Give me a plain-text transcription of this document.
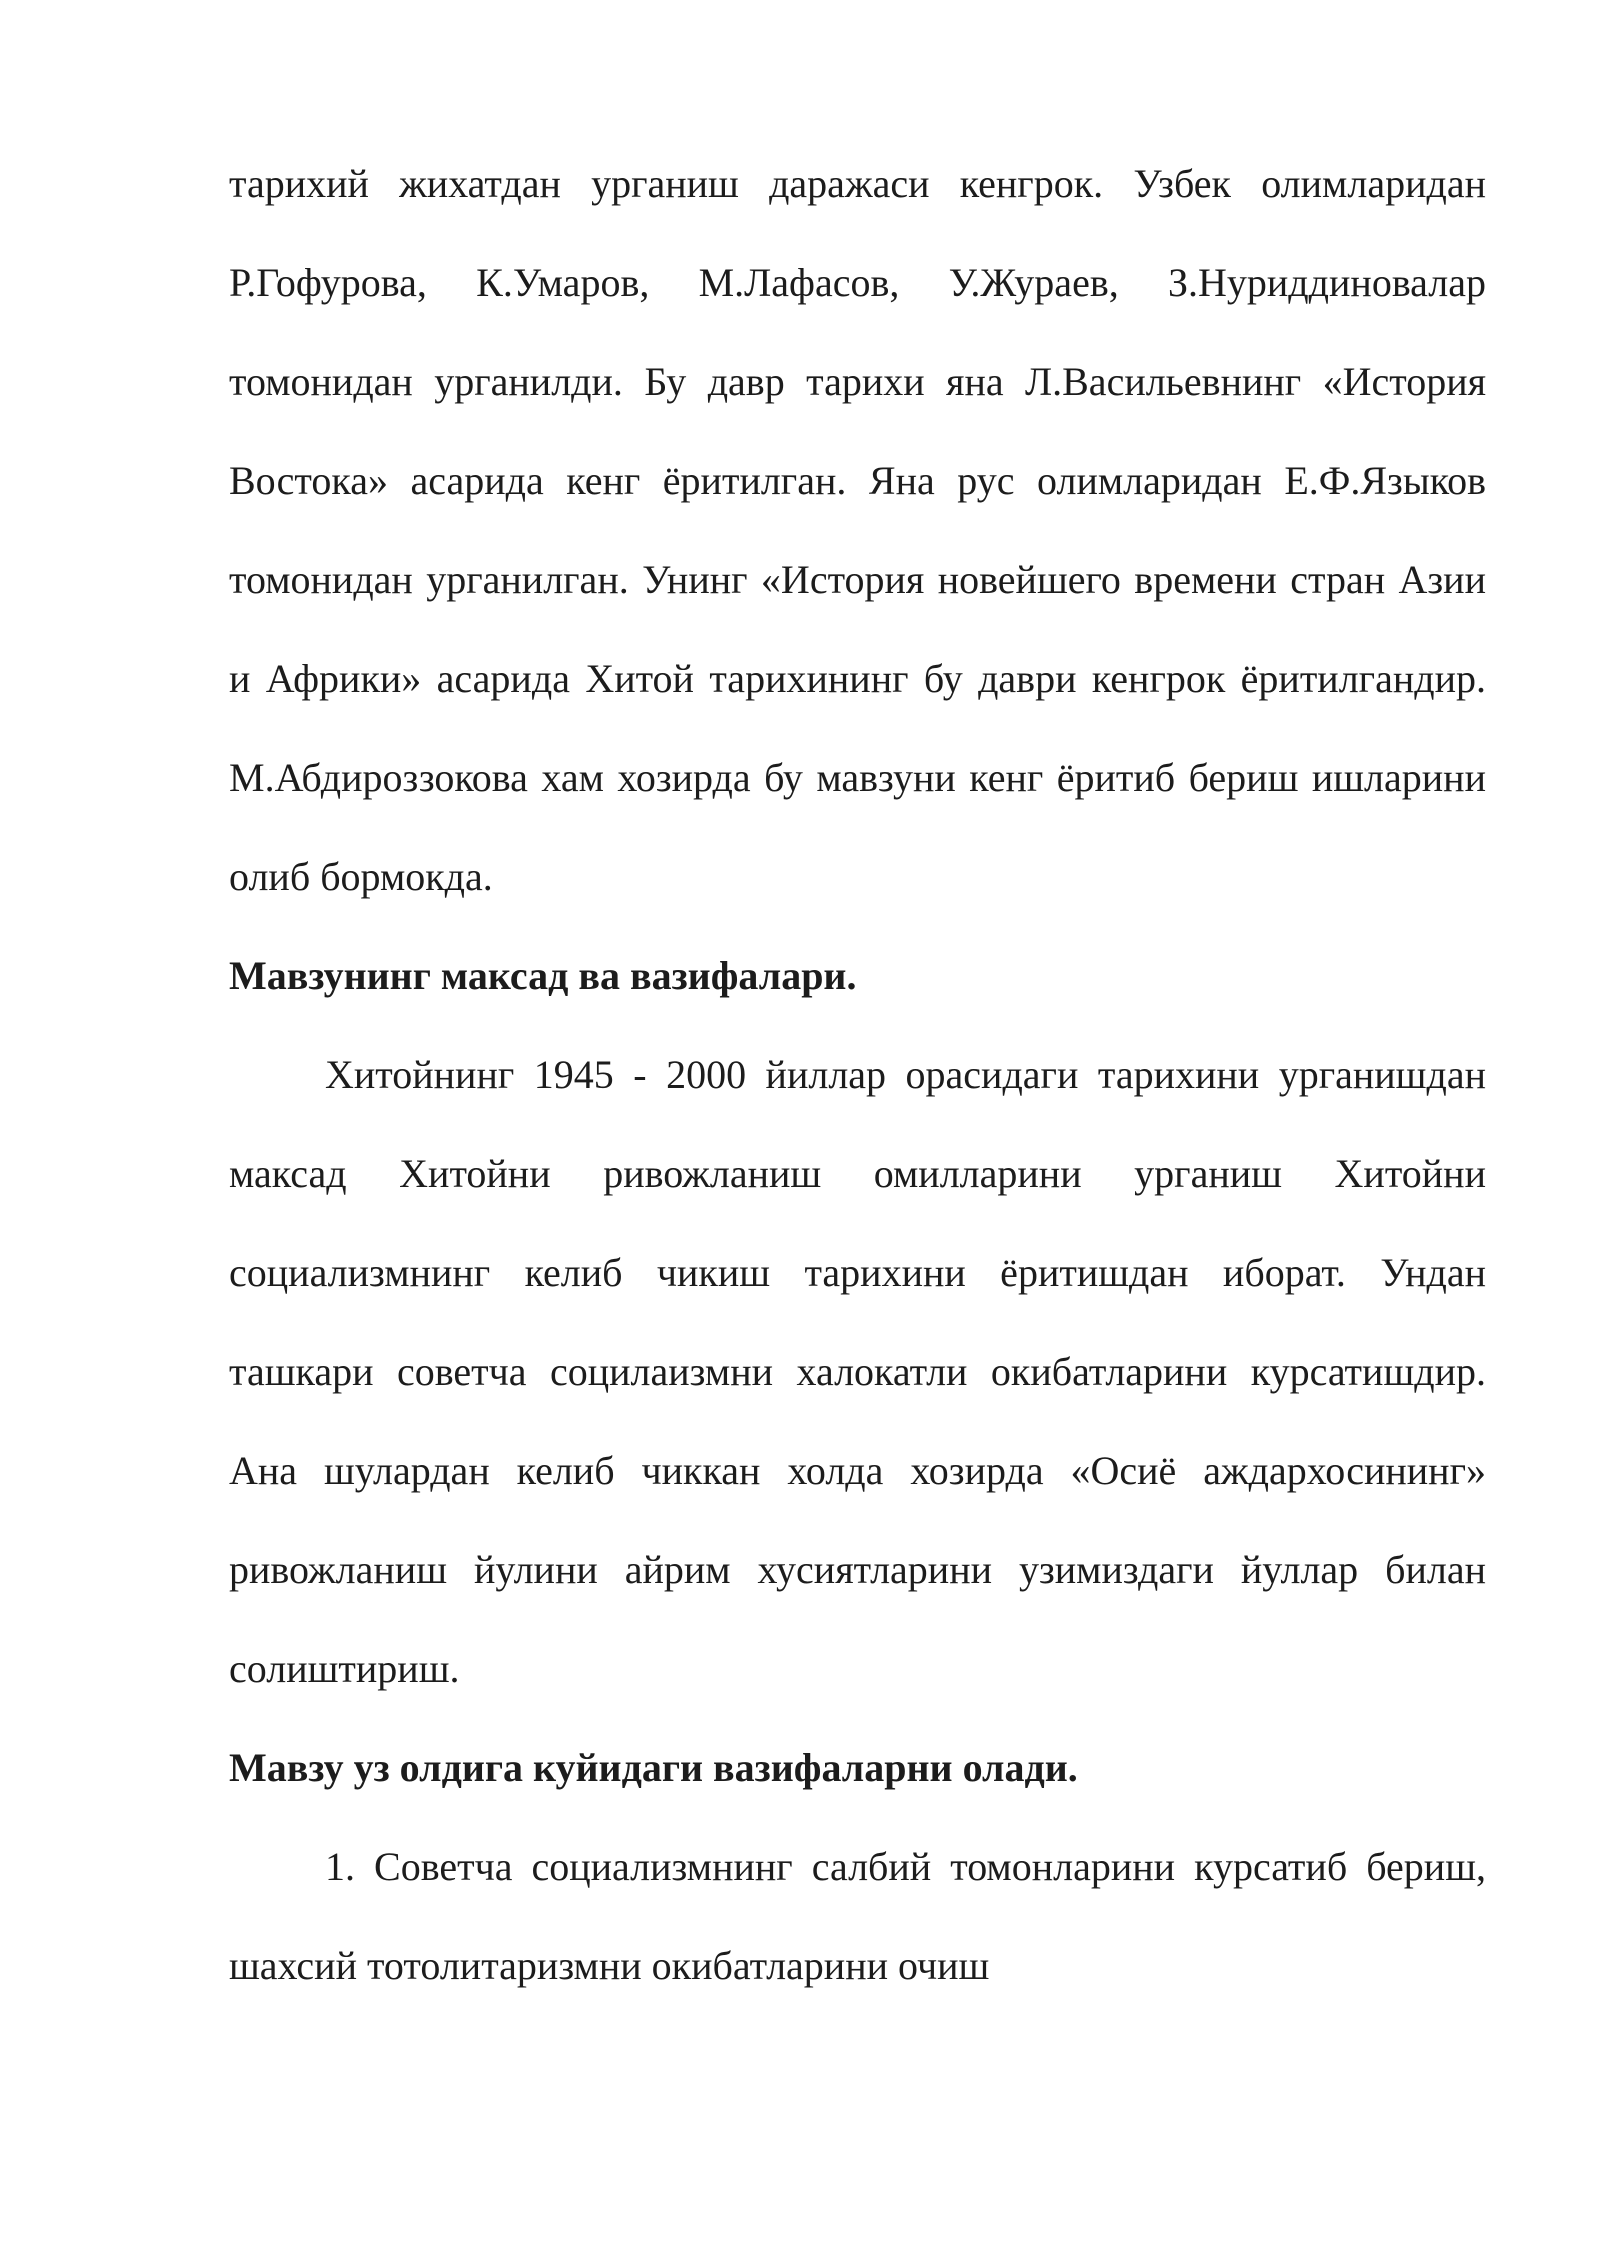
тарихий жихатдан урганиш даражаси кенгрок. Узбек олимларидан Р.Гофурова, К.Умаров, М.Лафасов, У.Жураев, З.Нуриддиновалар томонидан урганилди. Бу давр тарихи яна Л.Васильевнинг «История Востока» асарида кенг ёритилган. Яна рус олимларидан Е.Ф.Языков томонидан урганилган. Унинг «История новейшего времени стран Азии и Африки» асарида Хитой тарихининг бу даври кенгрок ёритилгандир. М.Абдироззокова хам хозирда бу мавзуни кенг ёритиб бериш ишларини олиб бормокда.

Мавзунинг максад ва вазифалари.

Хитойнинг 1945 - 2000 йиллар орасидаги тарихини урганишдан максад Хитойни ривожланиш омилларини урганиш Хитойни социализмнинг келиб чикиш тарихини ёритишдан иборат. Ундан ташкари советча социлаизмни халокатли окибатларини курсатишдир. Ана шулардан келиб чиккан холда хозирда «Осиё аждархосининг» ривожланиш йулини айрим хусиятларини узимиздаги йуллар билан солиштириш.

Мавзу уз олдига куйидаги вазифаларни олади.

1. Советча социализмнинг салбий томонларини курсатиб бериш, шахсий тотолитаризмни окибатларини очиш
